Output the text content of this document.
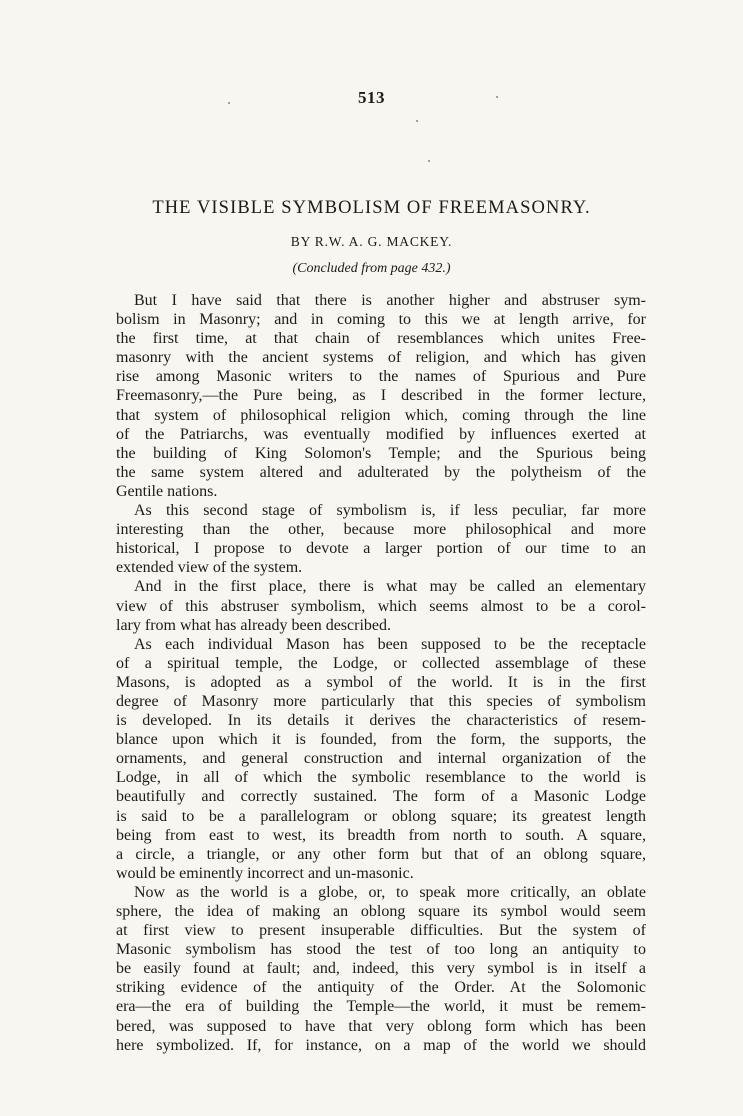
513
THE VISIBLE SYMBOLISM OF FREEMASONRY.
BY R.W. A. G. MACKEY.
(Concluded from page 432.)
But I have said that there is another higher and abstruser sym-
bolism in Masonry; and in coming to this we at length arrive, for
the first time, at that chain of resemblances which unites Free-
masonry with the ancient systems of religion, and which has given
rise among Masonic writers to the names of Spurious and Pure
Freemasonry,—the Pure being, as I described in the former lecture,
that system of philosophical religion which, coming through the line
of the Patriarchs, was eventually modified by influences exerted at
the building of King Solomon's Temple; and the Spurious being
the same system altered and adulterated by the polytheism of the
Gentile nations.
As this second stage of symbolism is, if less peculiar, far more
interesting than the other, because more philosophical and more
historical, I propose to devote a larger portion of our time to an
extended view of the system.
And in the first place, there is what may be called an elementary
view of this abstruser symbolism, which seems almost to be a corol-
lary from what has already been described.
As each individual Mason has been supposed to be the receptacle
of a spiritual temple, the Lodge, or collected assemblage of these
Masons, is adopted as a symbol of the world. It is in the first
degree of Masonry more particularly that this species of symbolism
is developed. In its details it derives the characteristics of resem-
blance upon which it is founded, from the form, the supports, the
ornaments, and general construction and internal organization of the
Lodge, in all of which the symbolic resemblance to the world is
beautifully and correctly sustained. The form of a Masonic Lodge
is said to be a parallelogram or oblong square; its greatest length
being from east to west, its breadth from north to south. A square,
a circle, a triangle, or any other form but that of an oblong square,
would be eminently incorrect and un-masonic.
Now as the world is a globe, or, to speak more critically, an oblate
sphere, the idea of making an oblong square its symbol would seem
at first view to present insuperable difficulties. But the system of
Masonic symbolism has stood the test of too long an antiquity to
be easily found at fault; and, indeed, this very symbol is in itself a
striking evidence of the antiquity of the Order. At the Solomonic
era—the era of building the Temple—the world, it must be remem-
bered, was supposed to have that very oblong form which has been
here symbolized. If, for instance, on a map of the world we should
